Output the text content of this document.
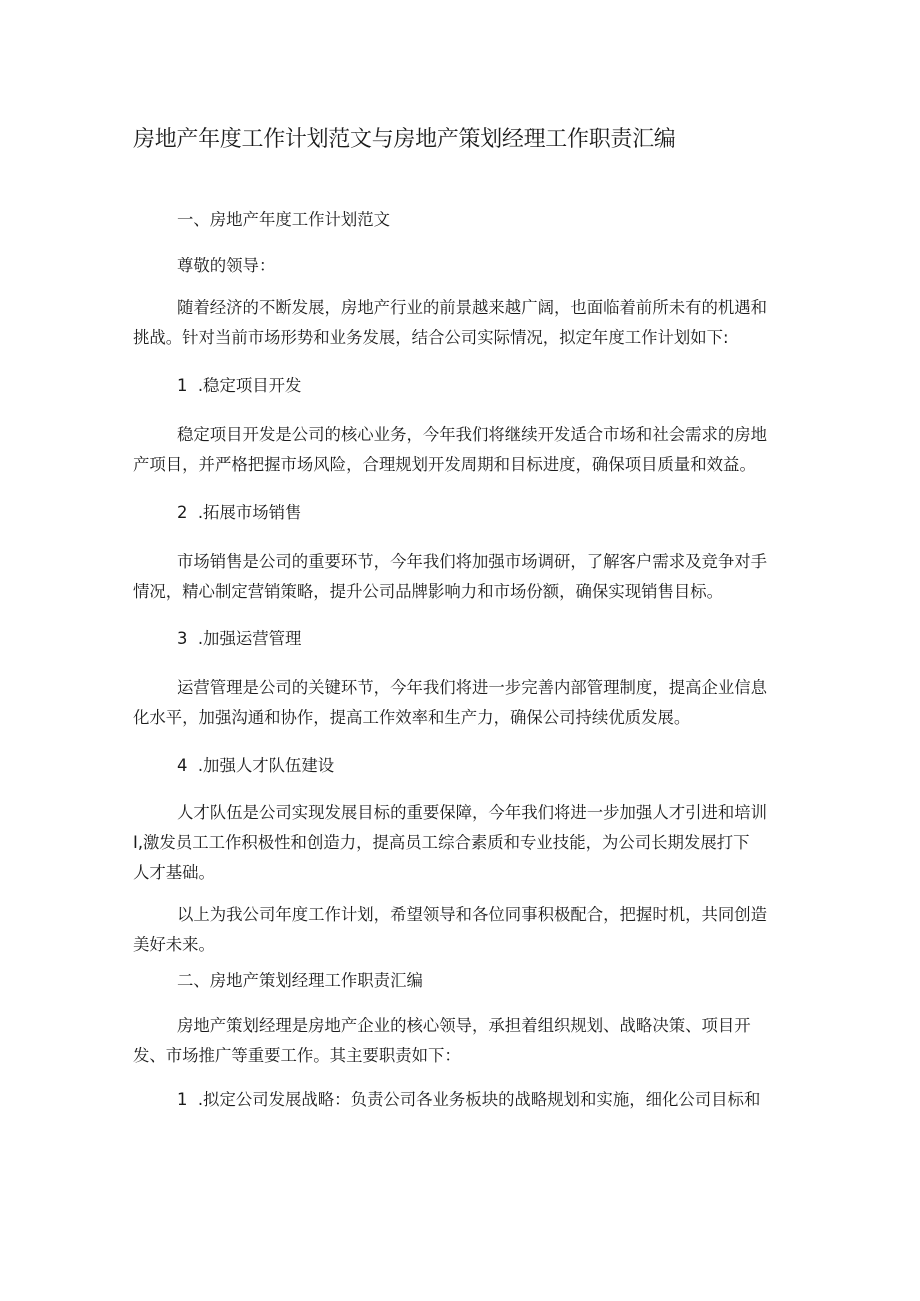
房地产年度工作计划范文与房地产策划经理工作职责汇编
一、房地产年度工作计划范文
尊敬的领导：
随着经济的不断发展，房地产行业的前景越来越广阔，也面临着前所未有的机遇和
挑战。针对当前市场形势和业务发展，结合公司实际情况，拟定年度工作计划如下:
1  .稳定项目开发
稳定项目开发是公司的核心业务，今年我们将继续开发适合市场和社会需求的房地
产项目，并严格把握市场风险，合理规划开发周期和目标进度，确保项目质量和效益。
2  .拓展市场销售
市场销售是公司的重要环节，今年我们将加强市场调研，了解客户需求及竞争对手
情况，精心制定营销策略，提升公司品牌影响力和市场份额，确保实现销售目标。
3  .加强运营管理
运营管理是公司的关键环节，今年我们将进一步完善内部管理制度，提高企业信息
化水平，加强沟通和协作，提高工作效率和生产力，确保公司持续优质发展。
4  .加强人才队伍建设
人才队伍是公司实现发展目标的重要保障，今年我们将进一步加强人才引进和培训
I,激发员工工作积极性和创造力，提高员工综合素质和专业技能，为公司长期发展打下
人才基础。
以上为我公司年度工作计划，希望领导和各位同事积极配合，把握时机，共同创造
美好未来。
二、房地产策划经理工作职责汇编
房地产策划经理是房地产企业的核心领导，承担着组织规划、战略决策、项目开
发、市场推广等重要工作。其主要职责如下：
1  .拟定公司发展战略：负责公司各业务板块的战略规划和实施，细化公司目标和
